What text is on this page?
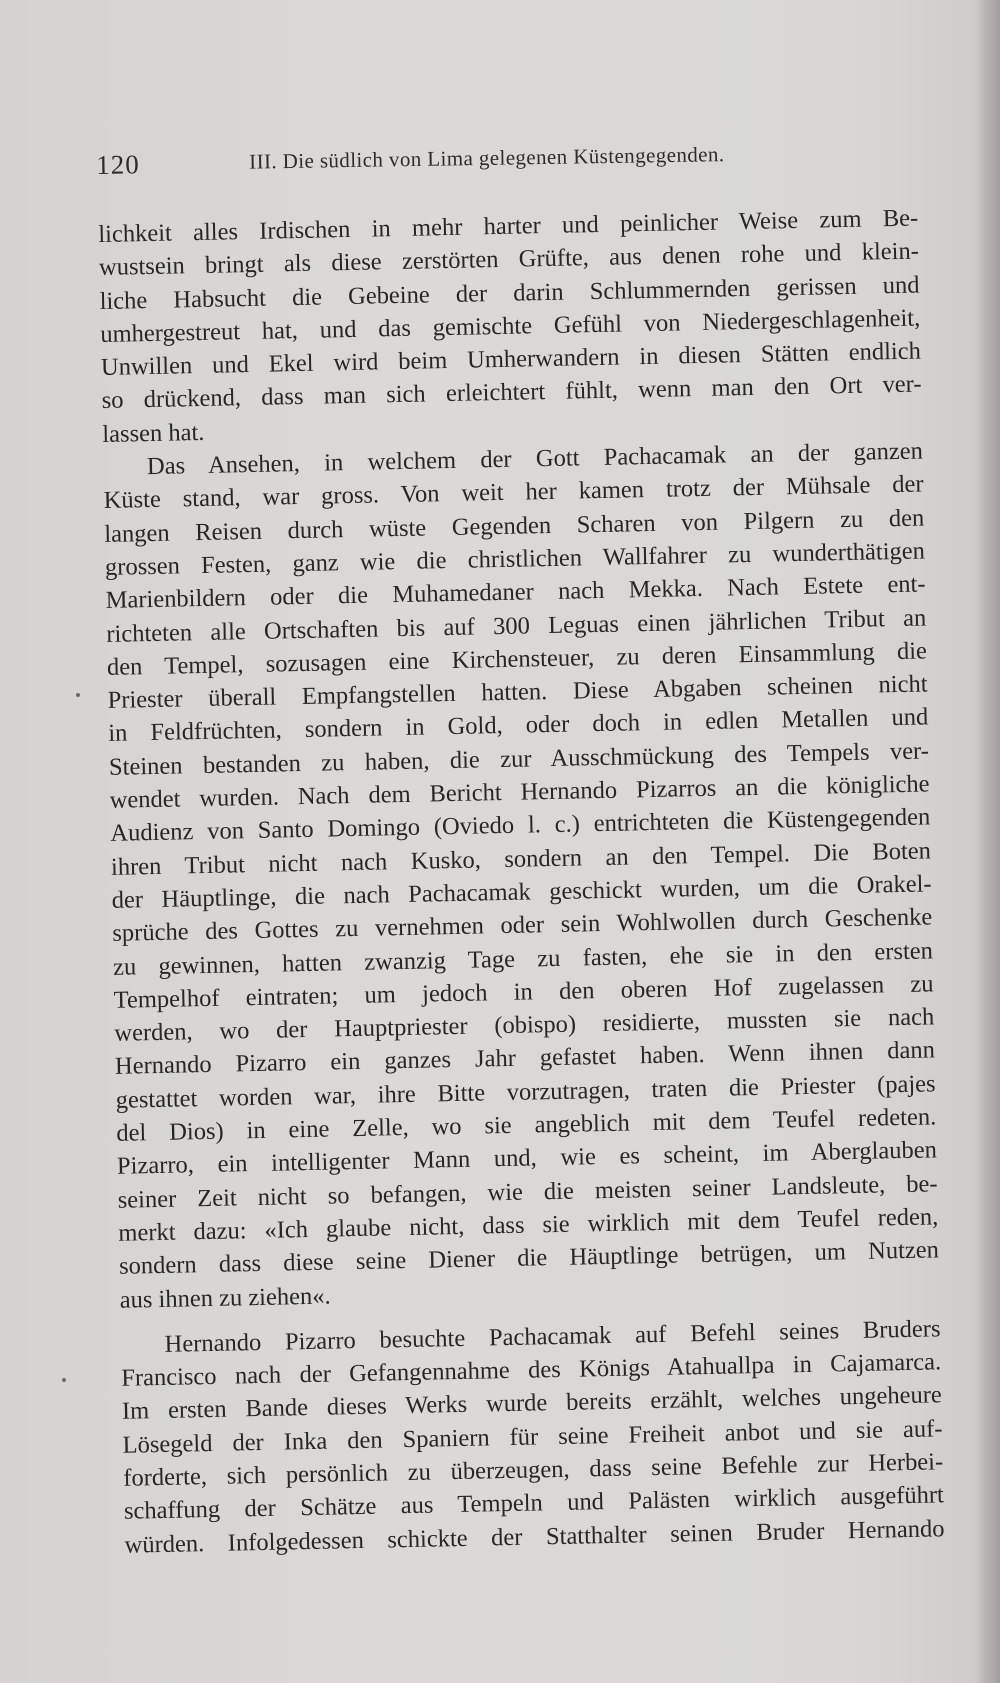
120	III. Die südlich von Lima gelegenen Küstengegenden.
lichkeit alles Irdischen in mehr harter und peinlicher Weise zum Be-
wustsein bringt als diese zerstörten Grüfte, aus denen rohe und klein-
liche Habsucht die Gebeine der darin Schlummernden gerissen und
umhergestreut hat, und das gemischte Gefühl von Niedergeschlagenheit,
Unwillen und Ekel wird beim Umherwandern in diesen Stätten endlich
so drückend, dass man sich erleichtert fühlt, wenn man den Ort ver-
lassen hat.
Das Ansehen, in welchem der Gott Pachacamak an der ganzen
Küste stand, war gross. Von weit her kamen trotz der Mühsale der
langen Reisen durch wüste Gegenden Scharen von Pilgern zu den
grossen Festen, ganz wie die christlichen Wallfahrer zu wunderthätigen
Marienbildern oder die Muhamedaner nach Mekka. Nach Estete ent-
richteten alle Ortschaften bis auf 300 Leguas einen jährlichen Tribut an
den Tempel, sozusagen eine Kirchensteuer, zu deren Einsammlung die
Priester überall Empfangstellen hatten. Diese Abgaben scheinen nicht
in Feldfrüchten, sondern in Gold, oder doch in edlen Metallen und
Steinen bestanden zu haben, die zur Ausschmückung des Tempels ver-
wendet wurden. Nach dem Bericht Hernando Pizarros an die königliche
Audienz von Santo Domingo (Oviedo l. c.) entrichteten die Küstengegenden
ihren Tribut nicht nach Kusko, sondern an den Tempel. Die Boten
der Häuptlinge, die nach Pachacamak geschickt wurden, um die Orakel-
sprüche des Gottes zu vernehmen oder sein Wohlwollen durch Geschenke
zu gewinnen, hatten zwanzig Tage zu fasten, ehe sie in den ersten
Tempelhof eintraten; um jedoch in den oberen Hof zugelassen zu
werden, wo der Hauptpriester (obispo) residierte, mussten sie nach
Hernando Pizarro ein ganzes Jahr gefastet haben. Wenn ihnen dann
gestattet worden war, ihre Bitte vorzutragen, traten die Priester (pajes
del Dios) in eine Zelle, wo sie angeblich mit dem Teufel redeten.
Pizarro, ein intelligenter Mann und, wie es scheint, im Aberglauben
seiner Zeit nicht so befangen, wie die meisten seiner Landsleute, be-
merkt dazu: «Ich glaube nicht, dass sie wirklich mit dem Teufel reden,
sondern dass diese seine Diener die Häuptlinge betrügen, um Nutzen
aus ihnen zu ziehen«.
Hernando Pizarro besuchte Pachacamak auf Befehl seines Bruders
Francisco nach der Gefangennahme des Königs Atahuallpa in Cajamarca.
Im ersten Bande dieses Werks wurde bereits erzählt, welches ungeheure
Lösegeld der Inka den Spaniern für seine Freiheit anbot und sie auf-
forderte, sich persönlich zu überzeugen, dass seine Befehle zur Herbei-
schaffung der Schätze aus Tempeln und Palästen wirklich ausgeführt
würden. Infolgedessen schickte der Statthalter seinen Bruder Hernando
